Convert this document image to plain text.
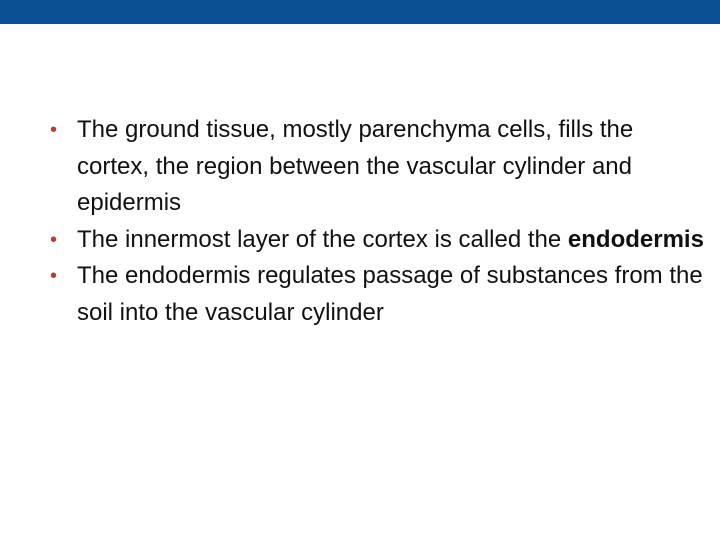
• The ground tissue, mostly parenchyma cells, fills the cortex, the region between the vascular cylinder and epidermis
• The innermost layer of the cortex is called the endodermis
• The endodermis regulates passage of substances from the soil into the vascular cylinder
